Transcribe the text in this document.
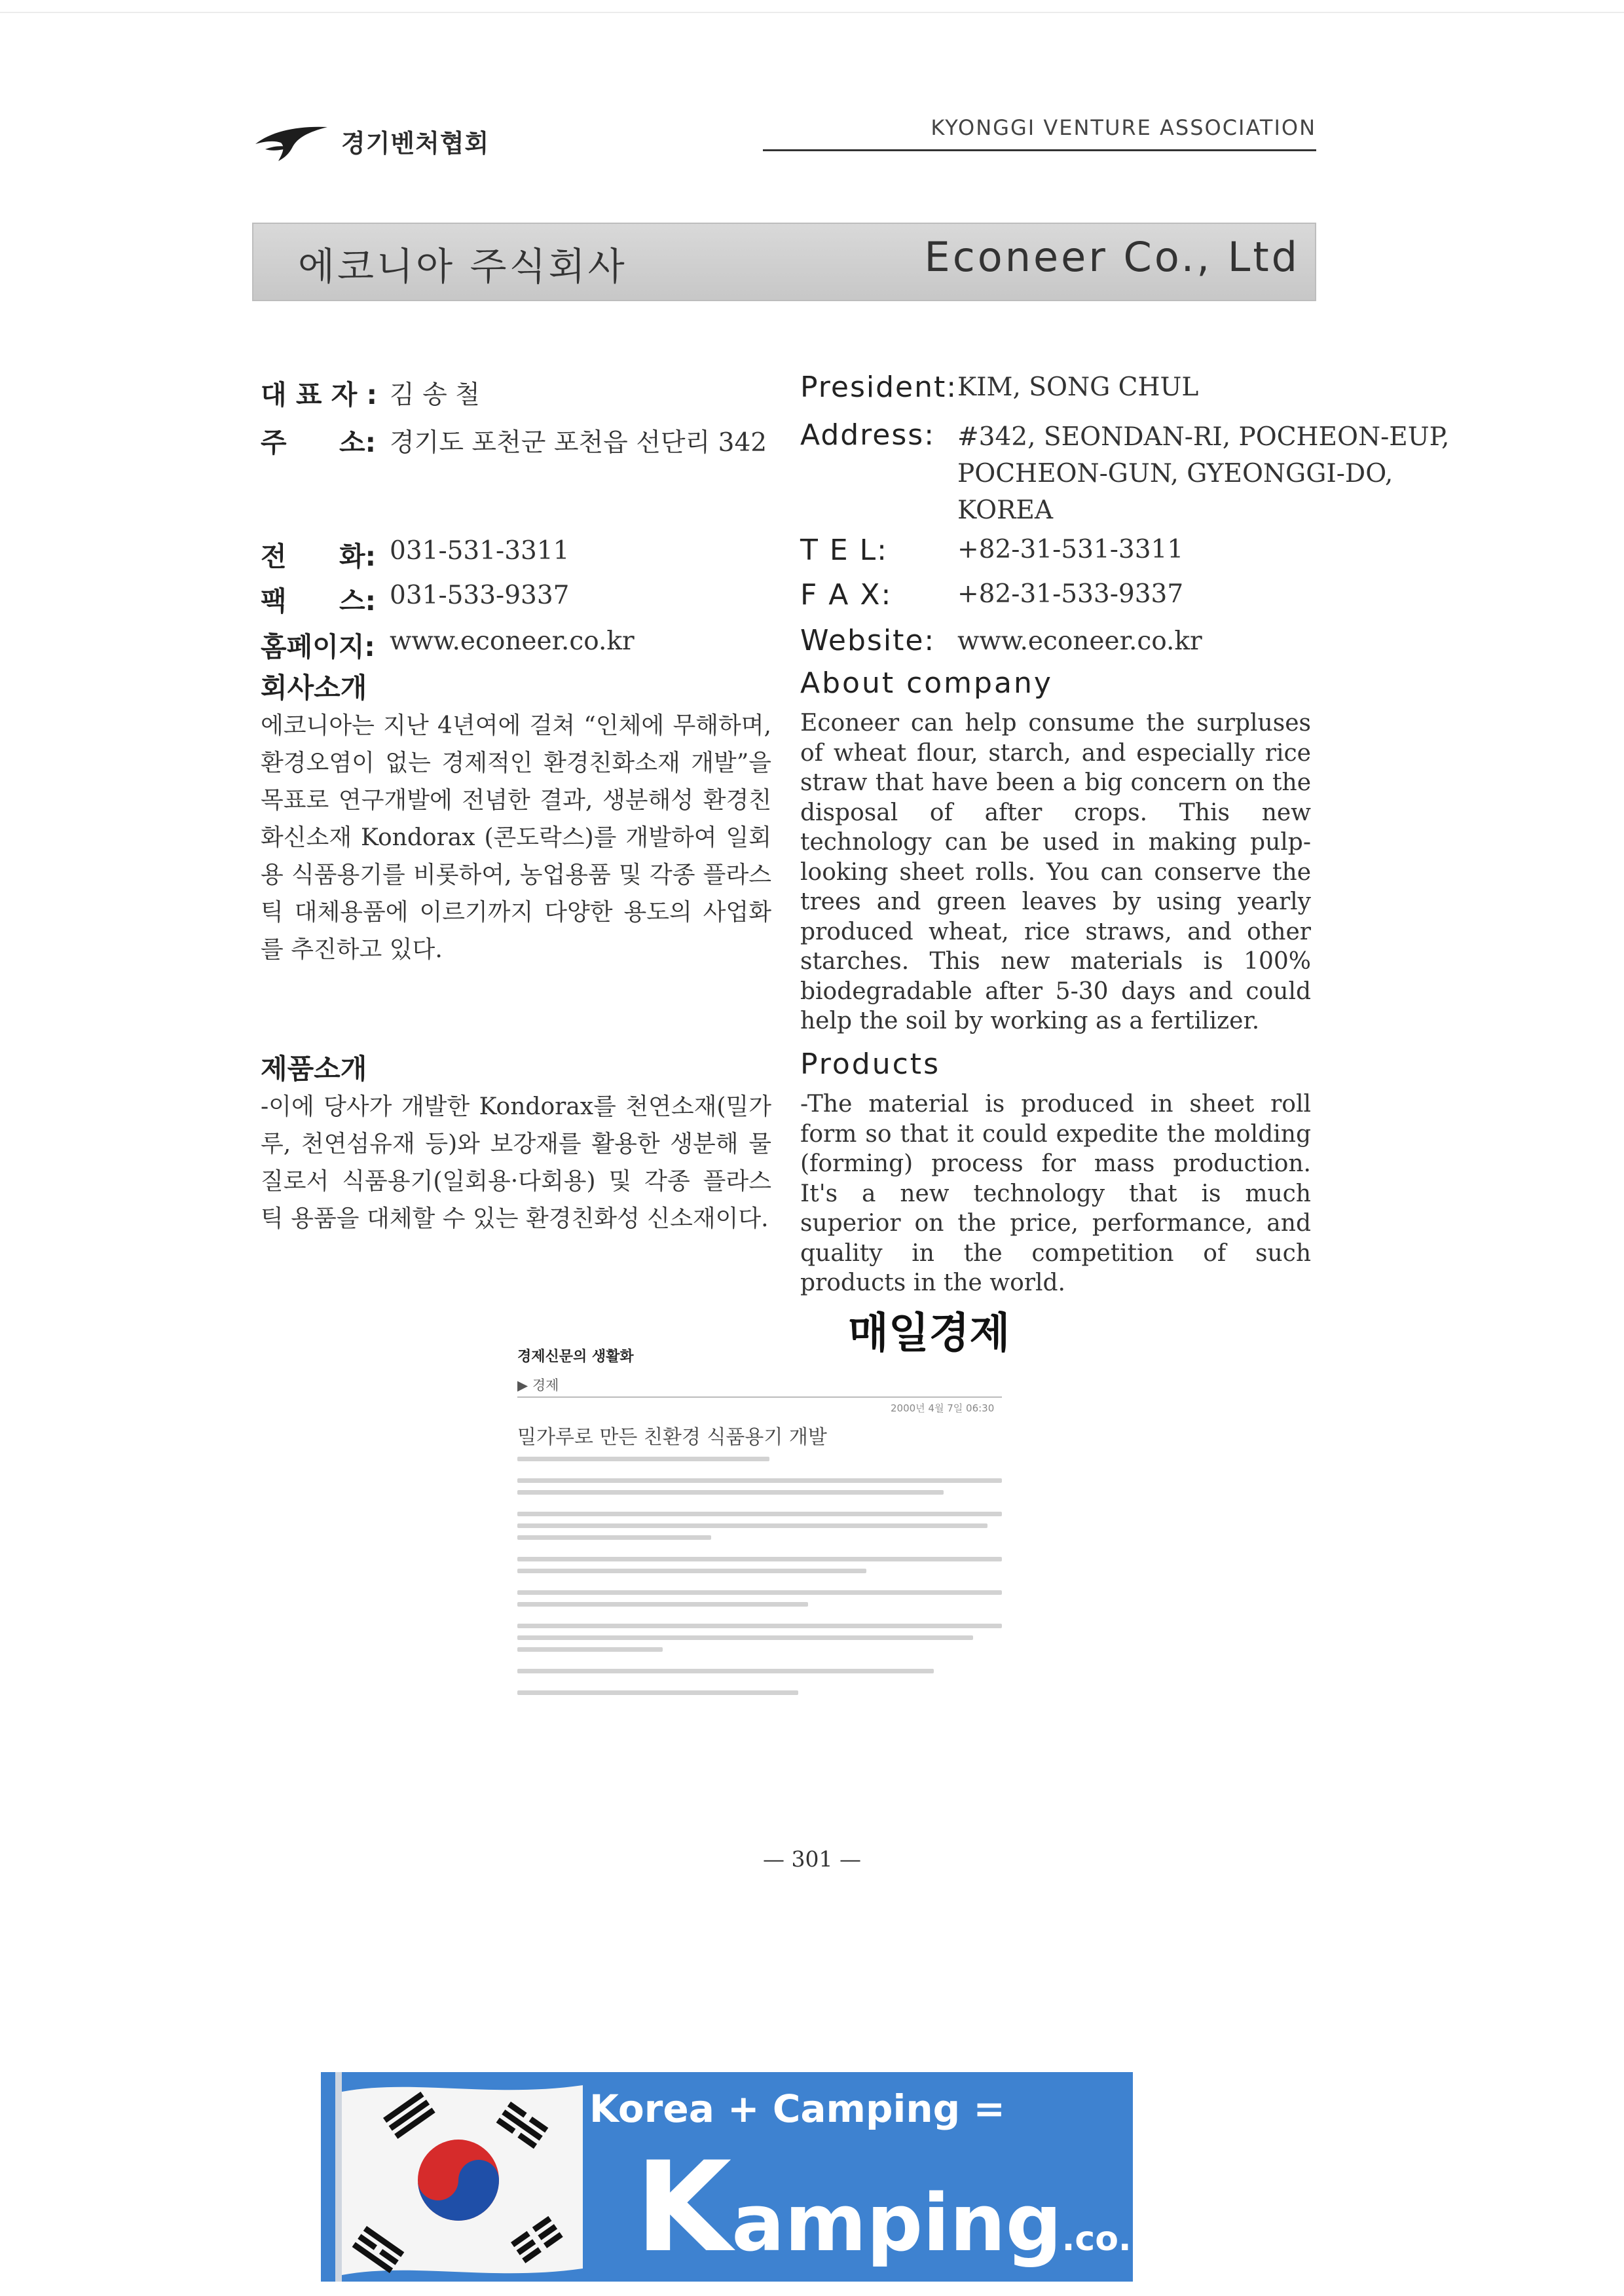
경기벤처협회
KYONGGI VENTURE ASSOCIATION
에코니아 주식회사	Econeer Co., Ltd
대 표 자 : 김 송 철
주 소: 경기도 포천군 포천읍 선단리 342
전 화: 031-531-3311
팩 스: 031-533-9337
홈페이지: www.econeer.co.kr
President: KIM, SONG CHUL
Address: #342, SEONDAN-RI, POCHEON-EUP,
POCHEON-GUN, GYEONGGI-DO,
KOREA
T E L:	+82-31-531-3311
F A X:	+82-31-533-9337
Website: www.econeer.co.kr
회사소개
에코니아는 지난 4년여에 걸쳐 “인체에 무해하며, 환경오염이 없는 경제적인 환경친화소재 개발”을 목표로 연구개발에 전념한 결과, 생분해성 환경친화신소재 Kondorax (콘도락스)를 개발하여 일회용 식품용기를 비롯하여, 농업용품 및 각종 플라스틱 대체용품에 이르기까지 다양한 용도의 사업화를 추진하고 있다.
About company
Econeer can help consume the surpluses of wheat flour, starch, and especially rice straw that have been a big concern on the disposal of after crops. This new technology can be used in making pulp-looking sheet rolls. You can conserve the trees and green leaves by using yearly produced wheat, rice straws, and other starches. This new materials is 100% biodegradable after 5-30 days and could help the soil by working as a fertilizer.
제품소개
-이에 당사가 개발한 Kondorax를 천연소재(밀가루, 천연섬유재 등)와 보강재를 활용한 생분해 물질로서 식품용기(일회용·다회용) 및 각종 플라스틱 용품을 대체할 수 있는 환경친화성 신소재이다.
Products
-The material is produced in sheet roll form so that it could expedite the molding (forming) process for mass production. It's a new technology that is much superior on the price, performance, and quality in the competition of such products in the world.
경제신문의 생활화	매일경제
▶ 경제
2000년 4월 7일 06:30
밀가루로 만든 친환경 식품용기 개발
— 301 —
Korea + Camping =
Kamping.co.kr
